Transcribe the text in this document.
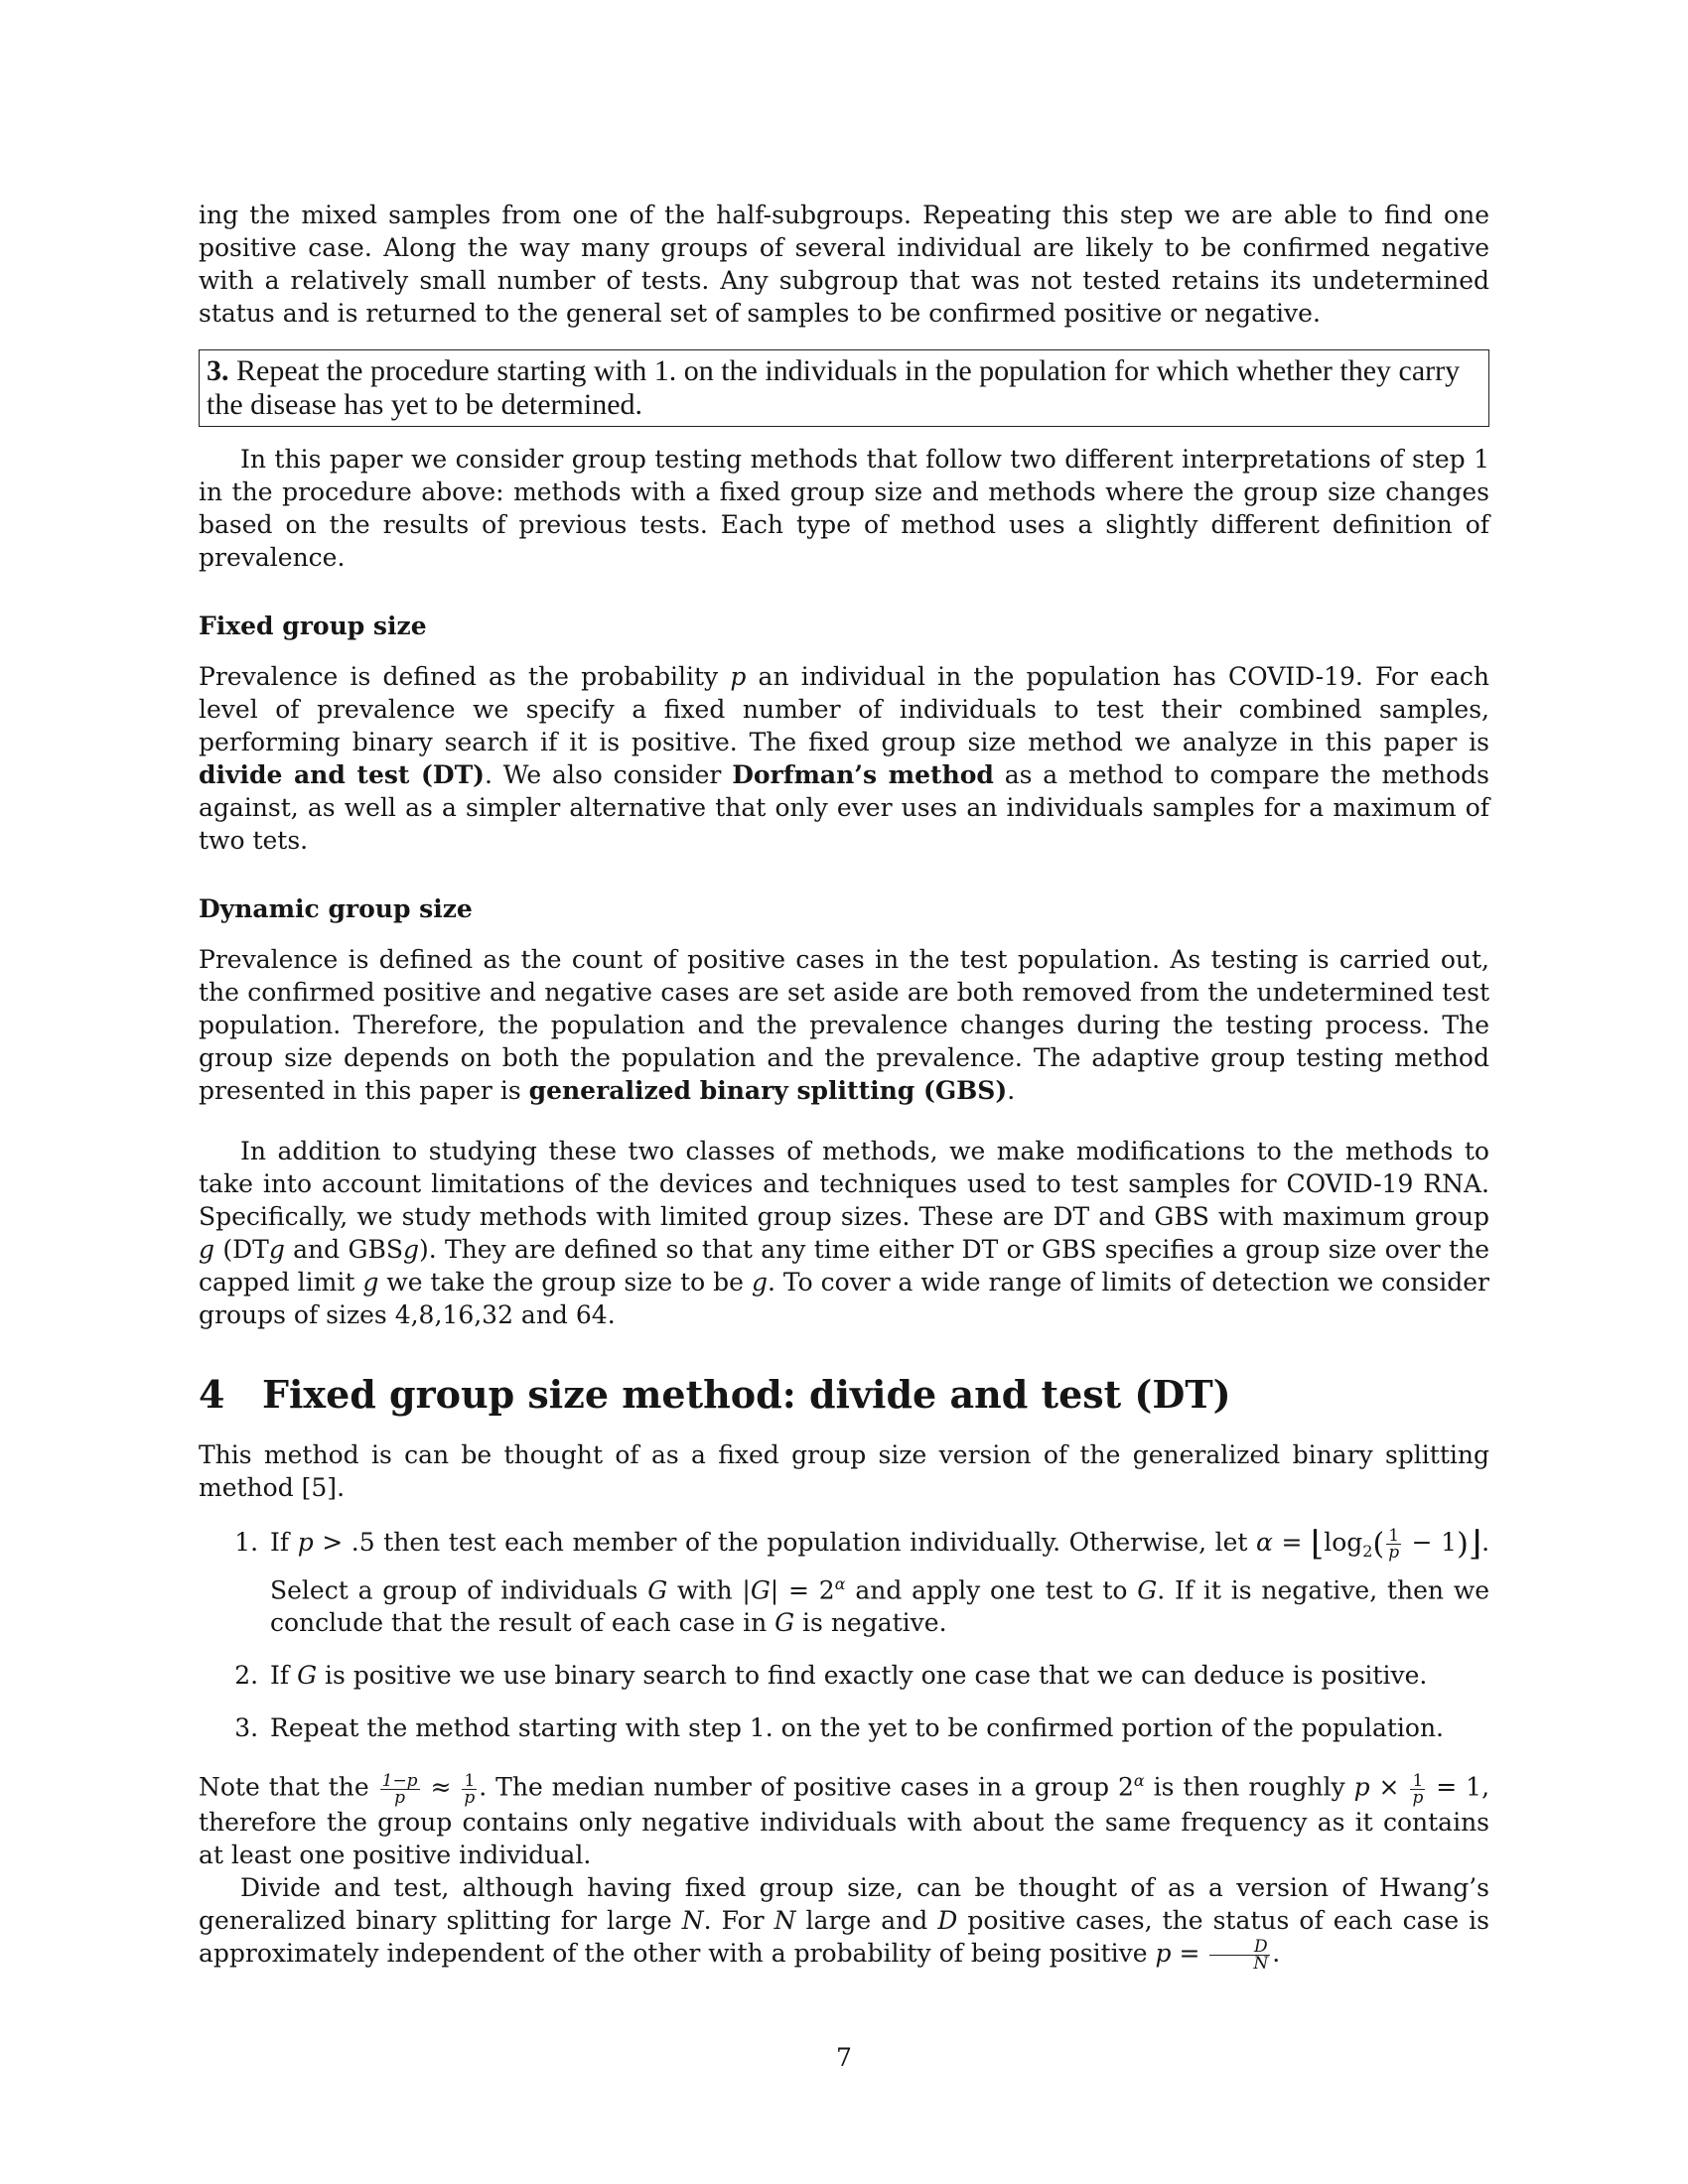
ing the mixed samples from one of the half-subgroups. Repeating this step we are able to find one positive case. Along the way many groups of several individual are likely to be confirmed negative with a relatively small number of tests. Any subgroup that was not tested retains its undetermined status and is returned to the general set of samples to be confirmed positive or negative.

3. Repeat the procedure starting with 1. on the individuals in the population for which whether they carry the disease has yet to be determined.

In this paper we consider group testing methods that follow two different interpretations of step 1 in the procedure above: methods with a fixed group size and methods where the group size changes based on the results of previous tests. Each type of method uses a slightly different definition of prevalence.

Fixed group size

Prevalence is defined as the probability p an individual in the population has COVID-19. For each level of prevalence we specify a fixed number of individuals to test their combined samples, performing binary search if it is positive. The fixed group size method we analyze in this paper is divide and test (DT). We also consider Dorfman’s method as a method to compare the methods against, as well as a simpler alternative that only ever uses an individuals samples for a maximum of two tets.

Dynamic group size

Prevalence is defined as the count of positive cases in the test population. As testing is carried out, the confirmed positive and negative cases are set aside are both removed from the undetermined test population. Therefore, the population and the prevalence changes during the testing process. The group size depends on both the population and the prevalence. The adaptive group testing method presented in this paper is generalized binary splitting (GBS).

In addition to studying these two classes of methods, we make modifications to the methods to take into account limitations of the devices and techniques used to test samples for COVID-19 RNA. Specifically, we study methods with limited group sizes. These are DT and GBS with maximum group g (DTg and GBSg). They are defined so that any time either DT or GBS specifies a group size over the capped limit g we take the group size to be g. To cover a wide range of limits of detection we consider groups of sizes 4,8,16,32 and 64.

4 Fixed group size method: divide and test (DT)

This method is can be thought of as a fixed group size version of the generalized binary splitting method [5].

1. If p > .5 then test each member of the population individually. Otherwise, let $\alpha = ⌊\log_2( \frac{1}{p}$ − 1)⌋. Select a group of individuals G with $|G| = 2^\alpha$ and apply one test to G. If it is negative, then we conclude that the result of each case in G is negative.
2. If G is positive we use binary search to find exactly one case that we can deduce is positive.
3. Repeat the method starting with step 1. on the yet to be confirmed portion of the population.

Note that the $\frac{1-p}{p} \approx \frac{1}{p}$ . The median number of positive cases in a group $2^\alpha$ is then roughly $p \times \frac{1}{p} = 1$, therefore the group contains only negative individuals with about the same frequency as it contains at least one positive individual.

Divide and test, although having fixed group size, can be thought of as a version of Hwang’s generalized binary splitting for large N. For N large and D positive cases, the status of each case is approximately independent of the other with a probability of being positive $p = \frac{D}{N}$ .

7
